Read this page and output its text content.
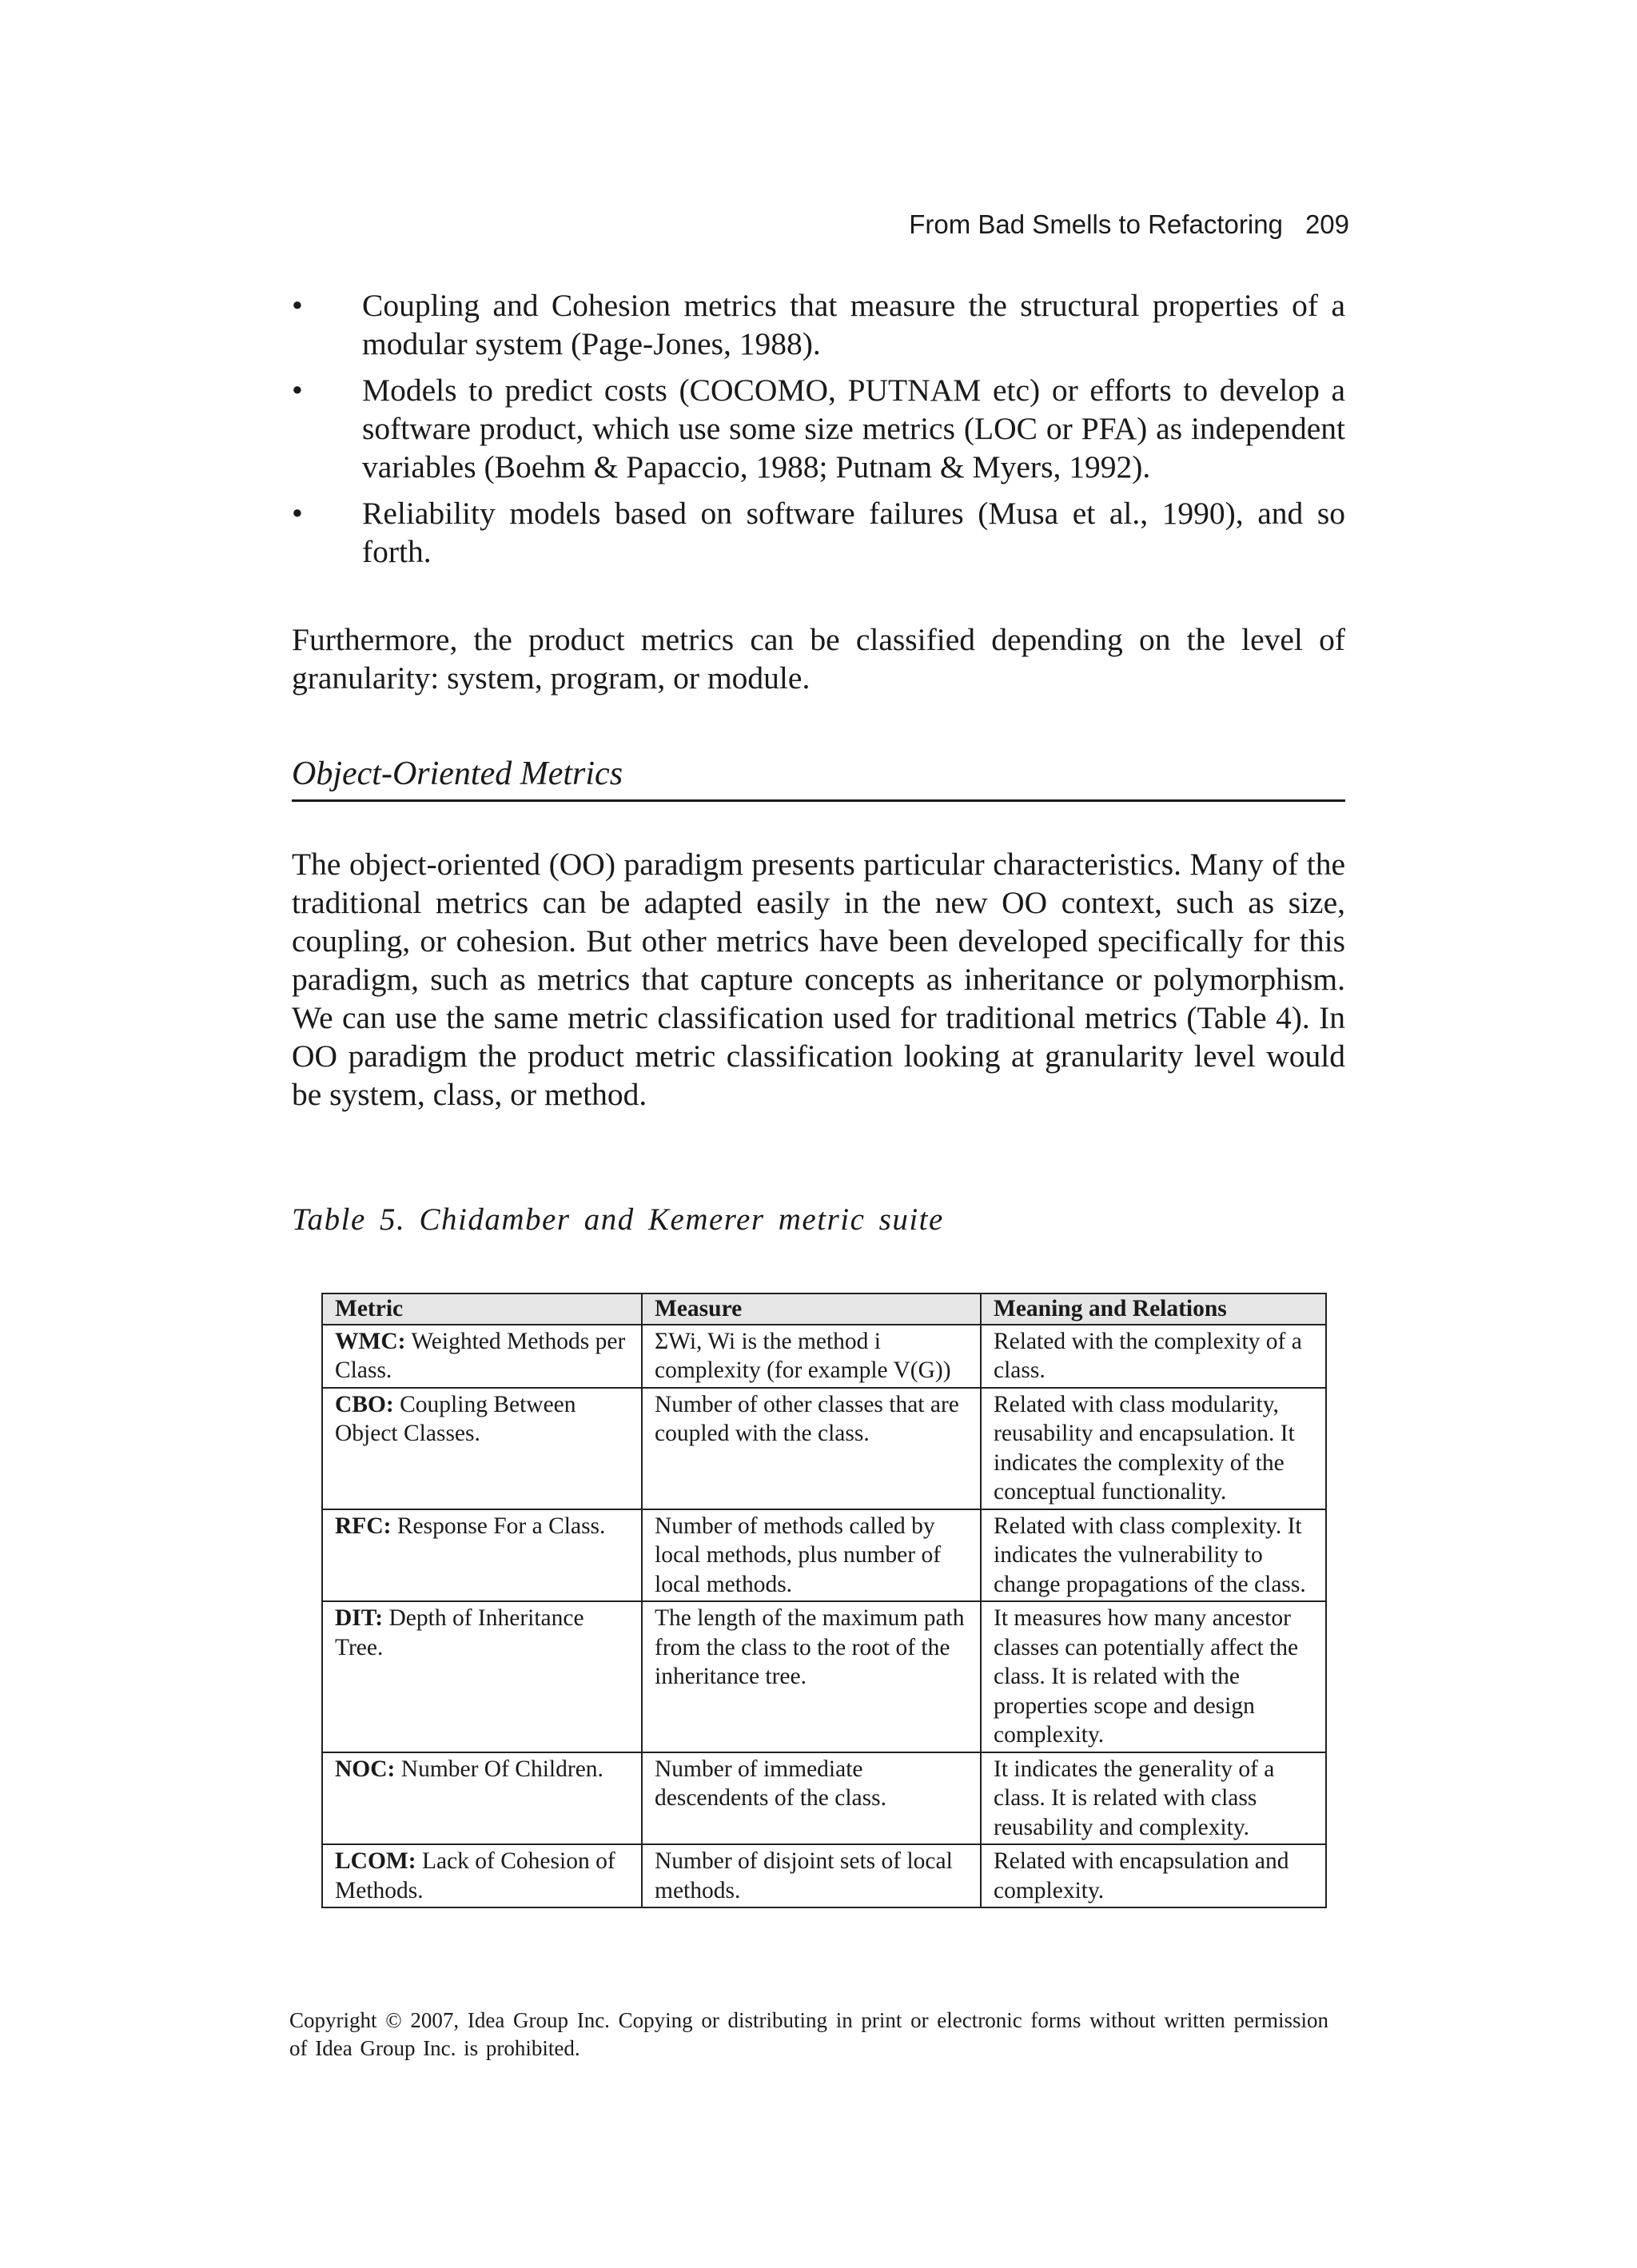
From Bad Smells to Refactoring 209
• Coupling and Cohesion metrics that measure the structural properties of a modular system (Page-Jones, 1988).
• Models to predict costs (COCOMO, PUTNAM etc) or efforts to develop a software product, which use some size metrics (LOC or PFA) as independent variables (Boehm & Papaccio, 1988; Putnam & Myers, 1992).
• Reliability models based on software failures (Musa et al., 1990), and so forth.

Furthermore, the product metrics can be classified depending on the level of granularity: system, program, or module.

Object-Oriented Metrics

The object-oriented (OO) paradigm presents particular characteristics. Many of the traditional metrics can be adapted easily in the new OO context, such as size, coupling, or cohesion. But other metrics have been developed specifically for this paradigm, such as metrics that capture concepts as inheritance or polymorphism. We can use the same metric classification used for traditional metrics (Table 4). In OO paradigm the product metric classification looking at granularity level would be system, class, or method.

Table 5. Chidamber and Kemerer metric suite
Metric	Measure	Meaning and Relations
WMC: Weighted Methods per Class.	ΣWi, Wi is the method i complexity (for example V(G))	Related with the complexity of a class.
CBO: Coupling Between Object Classes.	Number of other classes that are coupled with the class.	Related with class modularity, reusability and encapsulation. It indicates the complexity of the conceptual functionality.
RFC: Response For a Class.	Number of methods called by local methods, plus number of local methods.	Related with class complexity. It indicates the vulnerability to change propagations of the class.
DIT: Depth of Inheritance Tree.	The length of the maximum path from the class to the root of the inheritance tree.	It measures how many ancestor classes can potentially affect the class. It is related with the properties scope and design complexity.
NOC: Number Of Children.	Number of immediate descendents of the class.	It indicates the generality of a class. It is related with class reusability and complexity.
LCOM: Lack of Cohesion of Methods.	Number of disjoint sets of local methods.	Related with encapsulation and complexity.
Copyright © 2007, Idea Group Inc. Copying or distributing in print or electronic forms without written permission of Idea Group Inc. is prohibited.
